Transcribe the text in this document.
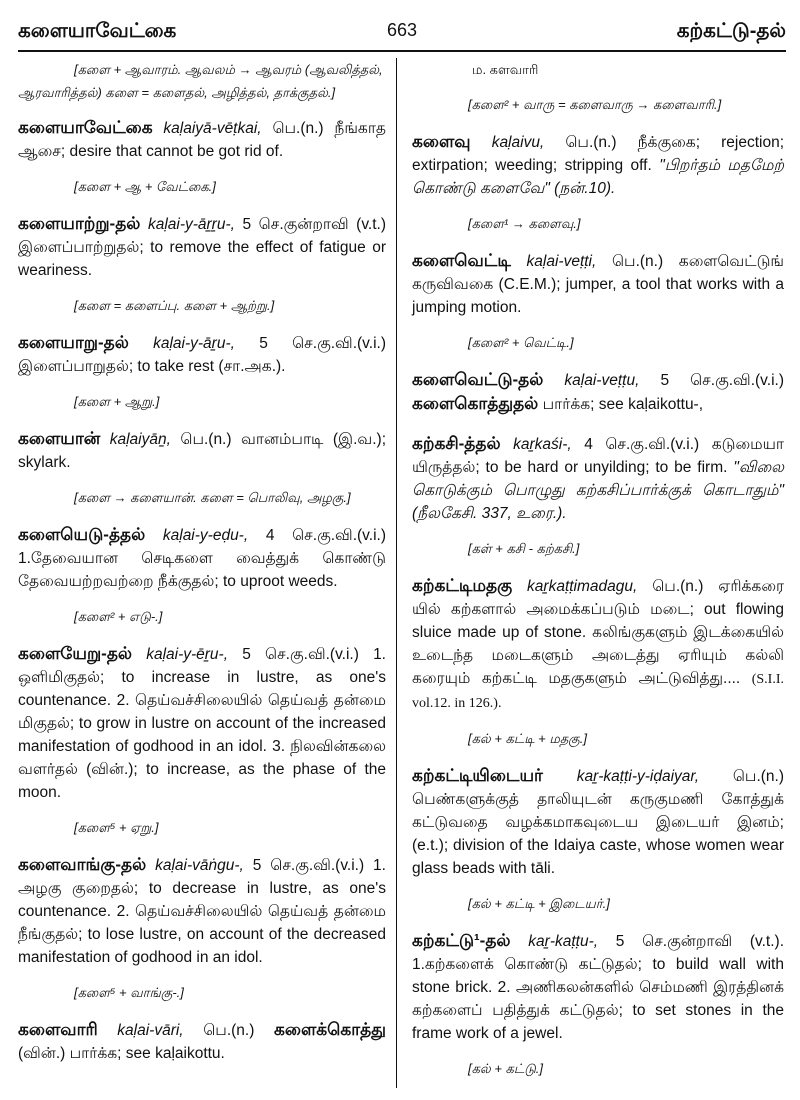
களையாவேட்கை	663	கற்கட்டு-தல்
[களை + ஆவாரம். ஆவலம் → ஆவரம் (ஆவலித்தல், ஆரவாரித்தல்) களை = களைதல், அழித்தல், தாக்குதல்.]
களையாவேட்கை kaḷaiyā-vēṭkai, பெ.(n.) நீங்காத ஆசை; desire that cannot be got rid of.
[களை + ஆ + வேட்கை.]
களையாற்று-தல் kaḷai-y-āṟṟu-, 5 செ.குன்றாவி (v.t.) இளைப்பாற்றுதல்; to remove the effect of fatigue or weariness.
[களை = களைப்பு. களை + ஆற்று.]
களையாறு-தல் kaḷai-y-āṟu-, 5 செ.கு.வி.(v.i.) இளைப்பாறுதல்; to take rest (சா.அக.).
[களை + ஆறு.]
களையான் kaḷaiyāṉ, பெ.(n.) வானம்பாடி (இ.வ.); skylark.
[களை → களையான். களை = பொலிவு, அழகு.]
களையெடு-த்தல் kaḷai-y-eḍu-, 4 செ.கு.வி.(v.i.) 1.தேவையான செடிகளை வைத்துக் கொண்டு தேவையற்றவற்றை நீக்குதல்; to uproot weeds.
[களை² + எடு-.]
களையேறு-தல் kaḷai-y-ēṟu-, 5 செ.கு.வி.(v.i.) 1. ஒளிமிகுதல்; to increase in lustre, as one's countenance. 2. தெய்வச்சிலையில் தெய்வத் தன்மை மிகுதல்; to grow in lustre on account of the increased manifestation of godhood in an idol. 3. நிலவின்கலை வளர்தல் (வின்.); to increase, as the phase of the moon.
[களை⁵ + ஏறு.]
களைவாங்கு-தல் kaḷai-vāṅgu-, 5 செ.கு.வி.(v.i.) 1. அழகு குறைதல்; to decrease in lustre, as one's countenance. 2. தெய்வச்சிலையில் தெய்வத் தன்மை நீங்குதல்; to lose lustre, on account of the decreased manifestation of godhood in an idol.
[களை⁵ + வாங்கு-.]
களைவாரி kaḷai-vāri, பெ.(n.) களைக்கொத்து (வின்.) பார்க்க; see kaḷaikottu.
ம. களவாரி
[களை² + வாரு = களைவாரு → களைவாரி.]
களைவு kaḷaivu, பெ.(n.) நீக்குகை; rejection; extirpation; weeding; stripping off. "பிறர்தம் மதமேற் கொண்டு களைவே" (நன்.10).
[களை¹ → களைவு.]
களைவெட்டி kaḷai-veṭṭi, பெ.(n.) களைவெட்டுங் கருவிவகை (C.E.M.); jumper, a tool that works with a jumping motion.
[களை² + வெட்டி.]
களைவெட்டு-தல் kaḷai-veṭṭu, 5 செ.கு.வி.(v.i.) களைகொத்துதல் பார்க்க; see kaḷaikottu-,
கற்கசி-த்தல் kaṟkaśi-, 4 செ.கு.வி.(v.i.) கடுமையா யிருத்தல்; to be hard or unyilding; to be firm. "விலை கொடுக்கும் பொழுது கற்கசிப்பார்க்குக் கொடாதும்" (நீலகேசி. 337, உரை.).
[கள் + கசி - கற்கசி.]
கற்கட்டிமதகு kaṟkaṭṭimadagu, பெ.(n.) ஏரிக்கரை யில் கற்களால் அமைக்கப்படும் மடை; out flowing sluice made up of stone. கலிங்குகளும் இடக்கையில் உடைந்த மடைகளும் அடைத்து ஏரியும் கல்லி கரையும் கற்கட்டி மதகுகளும் அட்டுவித்து.... (S.I.I. vol.12. in 126.).
[கல் + கட்டி + மதகு.]
கற்கட்டியிடையர் kaṟ-kaṭṭi-y-iḍaiyar, பெ.(n.) பெண்களுக்குத் தாலியுடன் கருகுமணி கோத்துக் கட்டுவதை வழக்கமாகவுடைய இடையர் இனம்; (e.t.); division of the Idaiya caste, whose women wear glass beads with tāli.
[கல் + கட்டி + இடையர்.]
கற்கட்டு¹-தல் kaṟ-kaṭṭu-, 5 செ.குன்றாவி (v.t.). 1.கற்களைக் கொண்டு கட்டுதல்; to build wall with stone brick. 2. அணிகலன்களில் செம்மணி இரத்தினக் கற்களைப் பதித்துக் கட்டுதல்; to set stones in the frame work of a jewel.
[கல் + கட்டு.]
